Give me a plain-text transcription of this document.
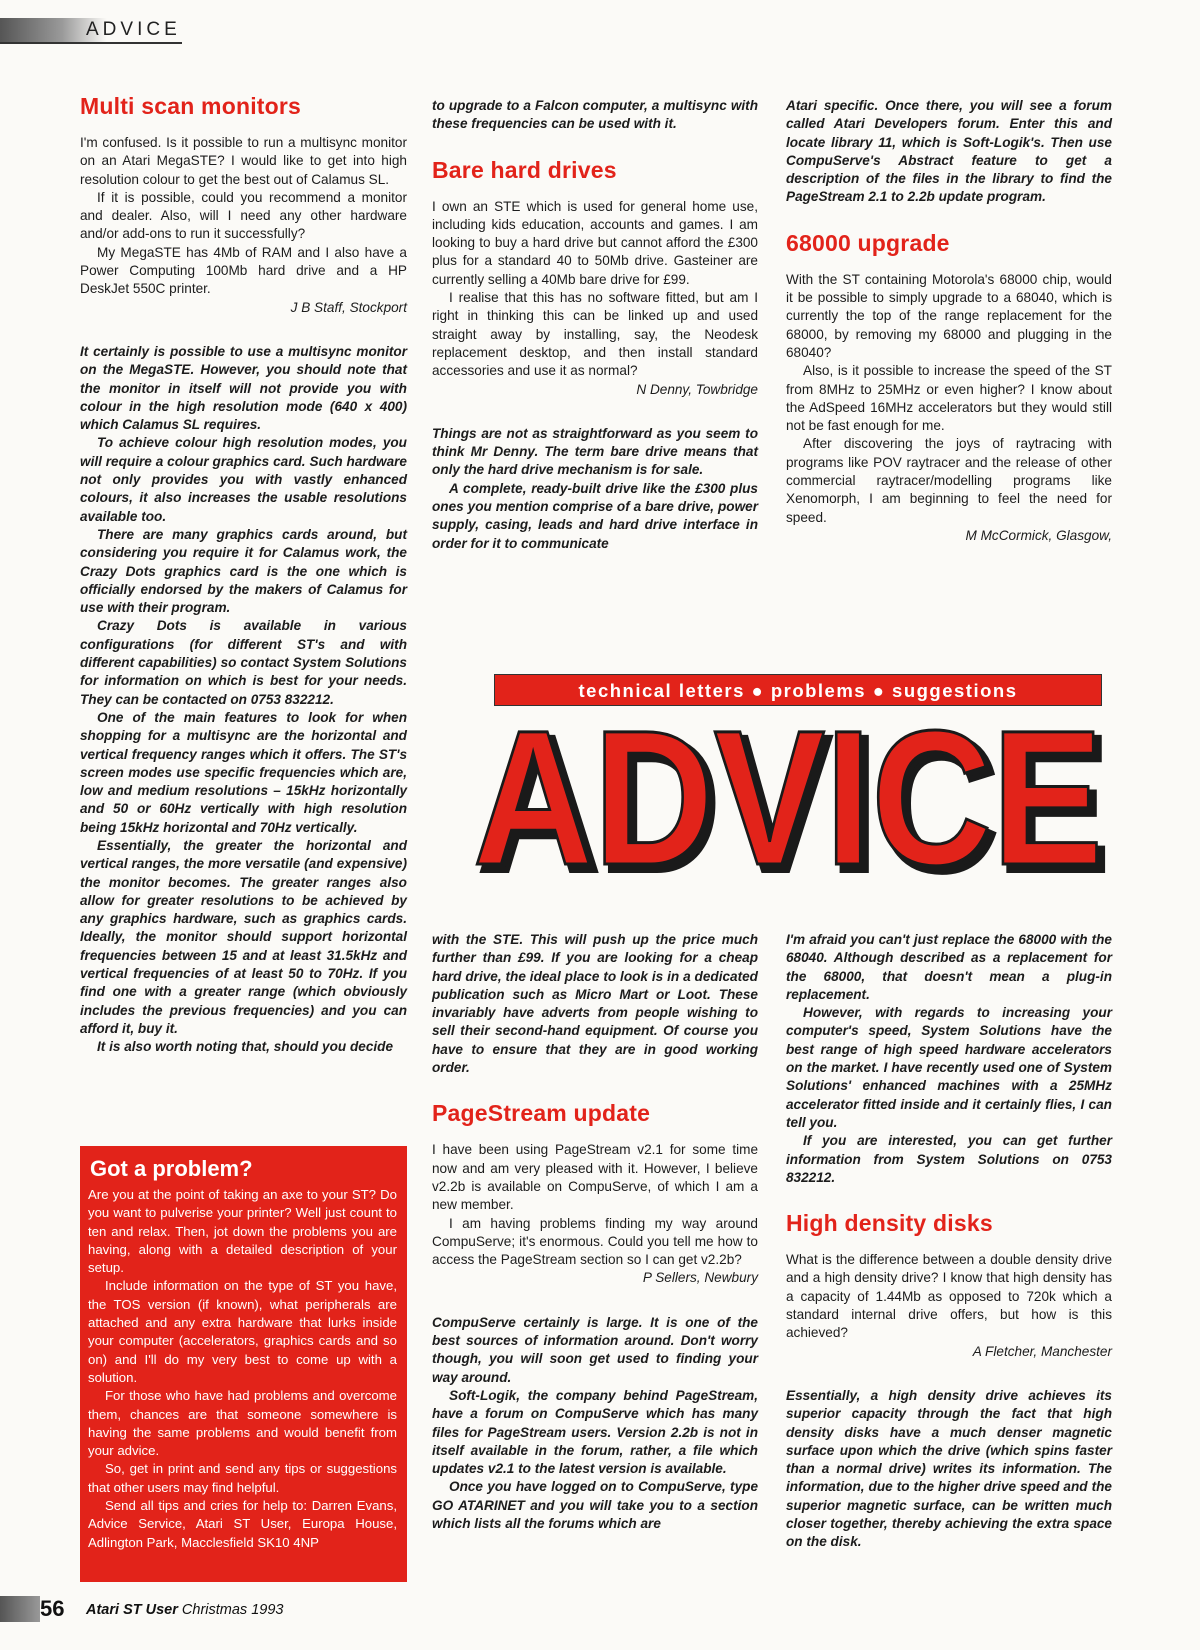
ADVICE
Multi scan monitors

I'm confused. Is it possible to run a multisync monitor on an Atari MegaSTE? I would like to get into high resolution colour to get the best out of Calamus SL.

If it is possible, could you recommend a monitor and dealer. Also, will I need any other hardware and/or add-ons to run it successfully?

My MegaSTE has 4Mb of RAM and I also have a Power Computing 100Mb hard drive and a HP DeskJet 550C printer.

J B Staff, Stockport

It certainly is possible to use a multisync monitor on the MegaSTE. However, you should note that the monitor in itself will not provide you with colour in the high resolution mode (640 x 400) which Calamus SL requires.

To achieve colour high resolution modes, you will require a colour graphics card. Such hardware not only provides you with vastly enhanced colours, it also increases the usable resolutions available too.

There are many graphics cards around, but considering you require it for Calamus work, the Crazy Dots graphics card is the one which is officially endorsed by the makers of Calamus for use with their program.

Crazy Dots is available in various configurations (for different ST's and with different capabilities) so contact System Solutions for information on which is best for your needs. They can be contacted on 0753 832212.

One of the main features to look for when shopping for a multisync are the horizontal and vertical frequency ranges which it offers. The ST's screen modes use specific frequencies which are, low and medium resolutions – 15kHz horizontally and 50 or 60Hz vertically with high resolution being 15kHz horizontal and 70Hz vertically.

Essentially, the greater the horizontal and vertical ranges, the more versatile (and expensive) the monitor becomes. The greater ranges also allow for greater resolutions to be achieved by any graphics hardware, such as graphics cards. Ideally, the monitor should support horizontal frequencies between 15 and at least 31.5kHz and vertical frequencies of at least 50 to 70Hz. If you find one with a greater range (which obviously includes the previous frequencies) and you can afford it, buy it.

It is also worth noting that, should you decide

to upgrade to a Falcon computer, a multisync with these frequencies can be used with it.

Bare hard drives

I own an STE which is used for general home use, including kids education, accounts and games. I am looking to buy a hard drive but cannot afford the £300 plus for a standard 40 to 50Mb drive. Gasteiner are currently selling a 40Mb bare drive for £99.

I realise that this has no software fitted, but am I right in thinking this can be linked up and used straight away by installing, say, the Neodesk replacement desktop, and then install standard accessories and use it as normal?

N Denny, Towbridge

Things are not as straightforward as you seem to think Mr Denny. The term bare drive means that only the hard drive mechanism is for sale.

A complete, ready-built drive like the £300 plus ones you mention comprise of a bare drive, power supply, casing, leads and hard drive interface in order for it to communicate

Atari specific. Once there, you will see a forum called Atari Developers forum. Enter this and locate library 11, which is Soft-Logik's. Then use CompuServe's Abstract feature to get a description of the files in the library to find the PageStream 2.1 to 2.2b update program.

68000 upgrade

With the ST containing Motorola's 68000 chip, would it be possible to simply upgrade to a 68040, which is currently the top of the range replacement for the 68000, by removing my 68000 and plugging in the 68040?

Also, is it possible to increase the speed of the ST from 8MHz to 25MHz or even higher? I know about the AdSpeed 16MHz accelerators but they would still not be fast enough for me.

After discovering the joys of raytracing with programs like POV raytracer and the release of other commercial raytracer/modelling programs like Xenomorph, I am beginning to feel the need for speed.

M McCormick, Glasgow,

technical letters ● problems ● suggestions
ADVICE
ADVICE

with the STE. This will push up the price much further than £99. If you are looking for a cheap hard drive, the ideal place to look is in a dedicated publication such as Micro Mart or Loot. These invariably have adverts from people wishing to sell their second-hand equipment. Of course you have to ensure that they are in good working order.

PageStream update

I have been using PageStream v2.1 for some time now and am very pleased with it. However, I believe v2.2b is available on CompuServe, of which I am a new member.

I am having problems finding my way around CompuServe; it's enormous. Could you tell me how to access the PageStream section so I can get v2.2b?

P Sellers, Newbury

CompuServe certainly is large. It is one of the best sources of information around. Don't worry though, you will soon get used to finding your way around.

Soft-Logik, the company behind PageStream, have a forum on CompuServe which has many files for PageStream users. Version 2.2b is not in itself available in the forum, rather, a file which updates v2.1 to the latest version is available.

Once you have logged on to CompuServe, type GO ATARINET and you will take you to a section which lists all the forums which are

I'm afraid you can't just replace the 68000 with the 68040. Although described as a replacement for the 68000, that doesn't mean a plug-in replacement.

However, with regards to increasing your computer's speed, System Solutions have the best range of high speed hardware accelerators on the market. I have recently used one of System Solutions' enhanced machines with a 25MHz accelerator fitted inside and it certainly flies, I can tell you.

If you are interested, you can get further information from System Solutions on 0753 832212.

High density disks

What is the difference between a double density drive and a high density drive? I know that high density has a capacity of 1.44Mb as opposed to 720k which a standard internal drive offers, but how is this achieved?

A Fletcher, Manchester

Essentially, a high density drive achieves its superior capacity through the fact that high density disks have a much denser magnetic surface upon which the drive (which spins faster than a normal drive) writes its information. The information, due to the higher drive speed and the superior magnetic surface, can be written much closer together, thereby achieving the extra space on the disk.

Got a problem?

Are you at the point of taking an axe to your ST? Do you want to pulverise your printer? Well just count to ten and relax. Then, jot down the problems you are having, along with a detailed description of your setup.

Include information on the type of ST you have, the TOS version (if known), what peripherals are attached and any extra hardware that lurks inside your computer (accelerators, graphics cards and so on) and I'll do my very best to come up with a solution.

For those who have had problems and overcome them, chances are that someone somewhere is having the same problems and would benefit from your advice.

So, get in print and send any tips or suggestions that other users may find helpful.

Send all tips and cries for help to: Darren Evans, Advice Service, Atari ST User, Europa House, Adlington Park, Macclesfield SK10 4NP

56 Atari ST User Christmas 1993
